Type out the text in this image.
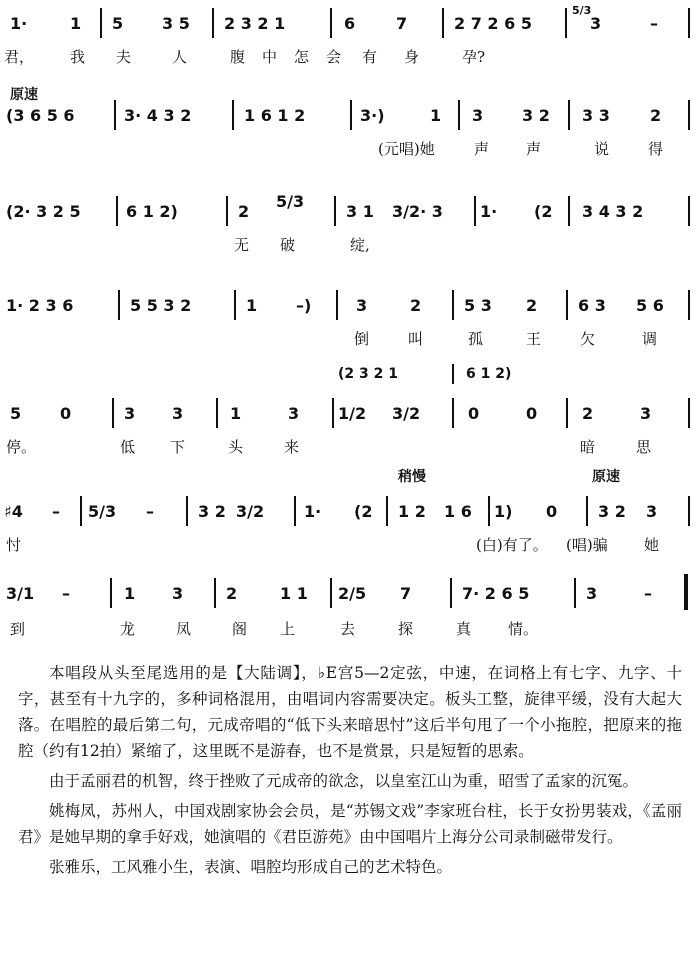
1·	1 5 3 5 2 3 2 1	6	7	2 7 2 6 5
5/3
3	–
君， 我 夫	人	腹 中 怎 会 有 身	孕?
原速
(3 6 5 6	3· 4 3 2	1 6 1 2	3·)	1 3 3 2 3 3	2
(元唱)她	声 声	说	得
(2· 3 2 5	6 1 2)	2
5/3
3 1 3/2· 3 1· (2 3 4 3 2
无 破	绽,
1· 2 3 6	5 5 3 2	1 –)	3	2	5 3 2	6 3 5 6
倒	叫	孤	王	欠	调
(2 3 2 1	6 1 2)
5 0	3 3	1	3 1/2 3/2	0	0	2	3
停。	低 下	头	来	暗	思
稍慢	原速
♯4 – 5/3 –	3 2 3/2 1· (2 1 2 1 6 1) 0	3 2 3
忖	(白)有了。 (唱)骗 她
3/1 –	1 3	2	1 1 2/5 7	7· 2 6 5	3	–
到	龙	凤	阁 上	去	探	真 情。

本唱段从头至尾选用的是【大陆调】，♭E宫5—2定弦，中速，在词格上有七字、九字、十字，甚至有十九字的，多种词格混用，由唱词内容需要决定。板头工整，旋律平缓，没有大起大落。在唱腔的最后第二句，元成帝唱的“低下头来暗思忖”这后半句甩了一个小拖腔，把原来的拖腔（约有12拍）紧缩了，这里既不是游春，也不是赏景，只是短暂的思索。

由于孟丽君的机智，终于挫败了元成帝的欲念，以皇室江山为重，昭雪了孟家的沉冤。

姚梅凤，苏州人，中国戏剧家协会会员，是“苏锡文戏”李家班台柱，长于女扮男装戏，《孟丽君》是她早期的拿手好戏，她演唱的《君臣游苑》由中国唱片上海分公司录制磁带发行。

张雅乐，工风雅小生，表演、唱腔均形成自己的艺术特色。
